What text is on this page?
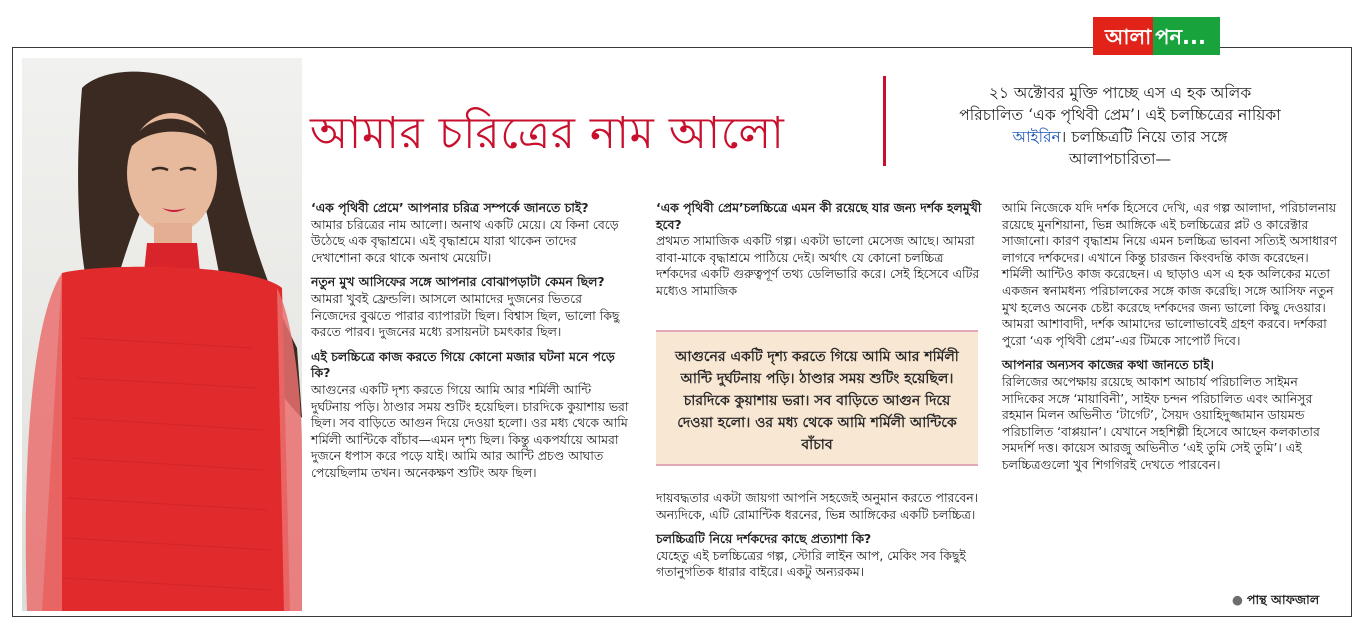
আলা পন...
আমার চরিত্রের নাম আলো
২১ অক্টোবর মুক্তি পাচ্ছে এস এ হক অলিক
পরিচালিত ‘এক পৃথিবী প্রেম’। এই চলচ্চিত্রের নায়িকা
আইরিন। চলচ্চিত্রটি নিয়ে তার সঙ্গে
আলাপচারিতা—

‘এক পৃথিবী প্রেমে’ আপনার চরিত্র সম্পর্কে জানতে চাই?
আমার চরিত্রের নাম আলো। অনাথ একটি মেয়ে। যে কিনা বেড়ে উঠেছে এক বৃদ্ধাশ্রমে। এই বৃদ্ধাশ্রমে যারা থাকেন তাদের দেখাশোনা করে থাকে অনাথ মেয়েটি।

নতুন মুখ আসিফের সঙ্গে আপনার বোঝাপড়াটা কেমন ছিল?
আমরা খুবই ফ্রেন্ডলি। আসলে আমাদের দুজনের ভিতরে নিজেদের বুঝতে পারার ব্যাপারটা ছিল। বিশ্বাস ছিল, ভালো কিছু করতে পারব। দুজনের মধ্যে রসায়নটা চমৎকার ছিল।

এই চলচ্চিত্রে কাজ করতে গিয়ে কোনো মজার ঘটনা মনে পড়ে কি?
আগুনের একটি দৃশ্য করতে গিয়ে আমি আর শর্মিলী আন্টি দুর্ঘটনায় পড়ি। ঠাণ্ডার সময় শুটিং হয়েছিল। চারদিকে কুয়াশায় ভরা ছিল। সব বাড়িতে আগুন দিয়ে দেওয়া হলো। ওর মধ্য থেকে আমি শর্মিলী আন্টিকে বাঁচাব—এমন দৃশ্য ছিল। কিন্তু একপর্যায়ে আমরা দুজনে ধপাস করে পড়ে যাই। আমি আর আন্টি প্রচণ্ড আঘাত পেয়েছিলাম তখন। অনেকক্ষণ শুটিং অফ ছিল।

‘এক পৃথিবী প্রেম’চলচ্চিত্রে এমন কী রয়েছে যার জন্য দর্শক হলমুখী হবে?
প্রথমত সামাজিক একটি গল্প। একটা ভালো মেসেজ আছে। আমরা বাবা-মাকে বৃদ্ধাশ্রমে পাঠিয়ে দেই। অর্থাৎ যে কোনো চলচ্চিত্র দর্শকদের একটি গুরুত্বপূর্ণ তথ্য ডেলিভারি করে। সেই হিসেবে এটির মধ্যেও সামাজিক

আগুনের একটি দৃশ্য করতে গিয়ে আমি আর শর্মিলী আন্টি দুর্ঘটনায় পড়ি। ঠাণ্ডার সময় শুটিং হয়েছিল। চারদিকে কুয়াশায় ভরা। সব বাড়িতে আগুন দিয়ে দেওয়া হলো। ওর মধ্য থেকে আমি শর্মিলী আন্টিকে বাঁচাব

দায়বদ্ধতার একটা জায়গা আপনি সহজেই অনুমান করতে পারবেন। অন্যদিকে, এটি রোমান্টিক ধরনের, ভিন্ন আঙ্গিকের একটি চলচ্চিত্র।

চলচ্চিত্রটি নিয়ে দর্শকদের কাছে প্রত্যাশা কি?
যেহেতু এই চলচ্চিত্রের গল্প, স্টোরি লাইন আপ, মেকিং সব কিছুই গতানুগতিক ধারার বাইরে। একটু অন্যরকম।

আমি নিজেকে যদি দর্শক হিসেবে দেখি, এর গল্প আলাদা, পরিচালনায় রয়েছে মুনশিয়ানা, ভিন্ন আঙ্গিকে এই চলচ্চিত্রের প্লট ও কারেক্টার সাজানো। কারণ বৃদ্ধাশ্রম নিয়ে এমন চলচ্চিত্র ভাবনা সত্যিই অসাধারণ লাগবে দর্শকদের। এখানে কিন্তু চারজন কিংবদন্তি কাজ করেছেন। শর্মিলী আন্টিও কাজ করেছেন। এ ছাড়াও এস এ হক অলিকের মতো একজন স্বনামধন্য পরিচালকের সঙ্গে কাজ করেছি। সঙ্গে আসিফ নতুন মুখ হলেও অনেক চেষ্টা করেছে দর্শকদের জন্য ভালো কিছু দেওয়ার। আমরা আশাবাদী, দর্শক আমাদের ভালোভাবেই গ্রহণ করবে। দর্শকরা পুরো ‘এক পৃথিবী প্রেম’-এর টিমকে সাপোর্ট দিবে।

আপনার অন্যসব কাজের কথা জানতে চাই।
রিলিজের অপেক্ষায় রয়েছে আকাশ আচার্য পরিচালিত সাইমন সাদিকের সঙ্গে ‘মায়াবিনী’, সাইফ চন্দন পরিচালিত এবং আনিসুর রহমান মিলন অভিনীত ‘টার্গেট’, সৈয়দ ওয়াহিদুজ্জামান ডায়মন্ড পরিচালিত ‘বাপ্পয়ান’। যেখানে সহশিল্পী হিসেবে আছেন কলকাতার সমদর্শি দত্ত। কায়েস আরজু অভিনীত ‘এই তুমি সেই তুমি’। এই চলচ্চিত্রগুলো খুব শিগগিরই দেখতে পারবেন।

● পান্থ আফজাল
